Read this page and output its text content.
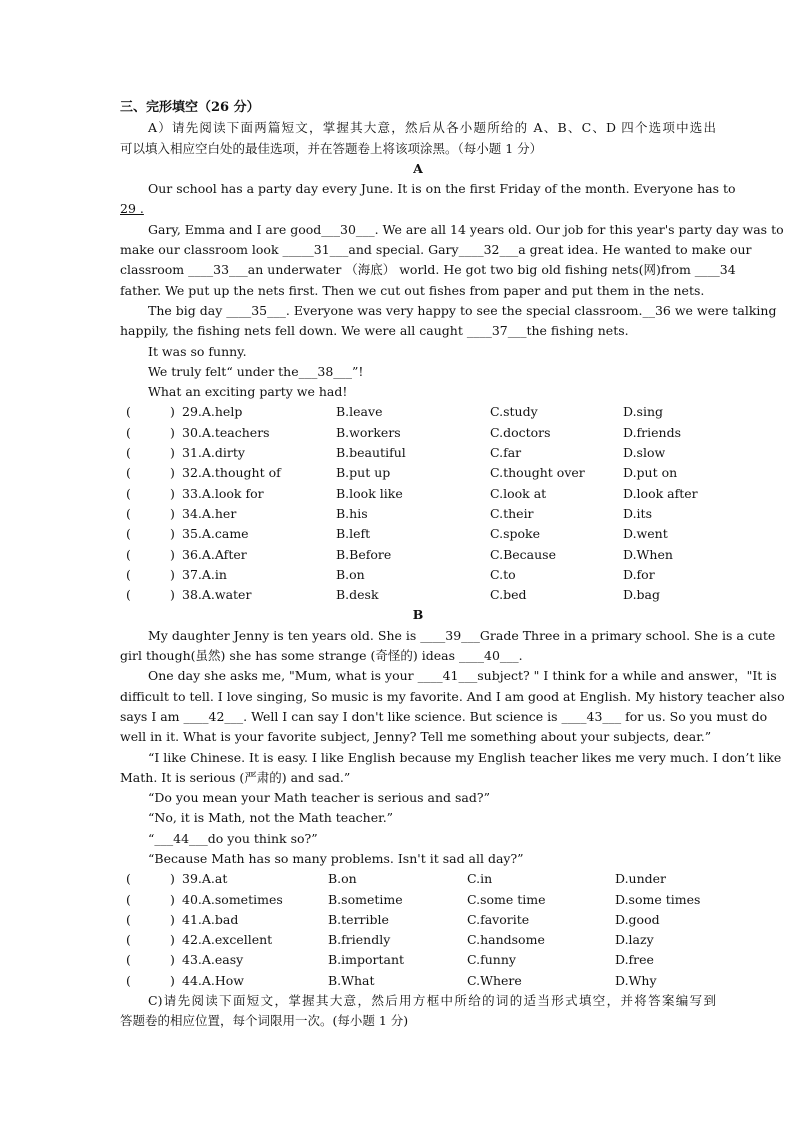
三、完形填空（26 分）
A）请先阅读下面两篇短文，掌握其大意，然后从各小题所给的 A、B、C、D 四个选项中选出
可以填入相应空白处的最佳选项，并在答题卷上将该项涂黑。（每小题 1 分）
A
Our school has a party day every June. It is on the first Friday of the month. Everyone has to
29 .
Gary, Emma and I are good___30___. We are all 14 years old. Our job for this year's party day was to
make our classroom look _____31___and special. Gary____32___a great idea. He wanted to make our
classroom ____33___an underwater （海底） world. He got two big old fishing nets(网)from ____34
father. We put up the nets first. Then we cut out fishes from paper and put them in the nets.
The big day ____35___. Everyone was very happy to see the special classroom.__36 we were talking
happily, the fishing nets fell down. We were all caught ____37___the fishing nets.
It was so funny.
We truly felt“ under the___38___”!
What an exciting party we had!
(	) 29.A.help	B.leave	C.study	D.sing
(	) 30.A.teachers	B.workers	C.doctors	D.friends
(	) 31.A.dirty	B.beautiful	C.far	D.slow
(	) 32.A.thought of	B.put up	C.thought over	D.put on
(	) 33.A.look for	B.look like	C.look at	D.look after
(	) 34.A.her	B.his	C.their	D.its
(	) 35.A.came	B.left	C.spoke	D.went
(	) 36.A.After	B.Before	C.Because	D.When
(	) 37.A.in	B.on	C.to	D.for
(	) 38.A.water	B.desk	C.bed	D.bag
B
My daughter Jenny is ten years old. She is ____39___Grade Three in a primary school. She is a cute
girl though(虽然) she has some strange (奇怪的) ideas ____40___.
One day she asks me, "Mum, what is your ____41___subject? " I think for a while and answer，"It is
difficult to tell. I love singing, So music is my favorite. And I am good at English. My history teacher also
says I am ____42___. Well I can say I don't like science. But science is ____43___ for us. So you must do
well in it. What is your favorite subject, Jenny? Tell me something about your subjects, dear.”
“I like Chinese. It is easy. I like English because my English teacher likes me very much. I don’t like
Math. It is serious (严肃的) and sad.”
“Do you mean your Math teacher is serious and sad?”
“No, it is Math, not the Math teacher.”
“___44___do you think so?”
“Because Math has so many problems. Isn't it sad all day?”
(	) 39.A.at	B.on	C.in	D.under
(	) 40.A.sometimes	B.sometime	C.some time	D.some times
(	) 41.A.bad	B.terrible	C.favorite	D.good
(	) 42.A.excellent	B.friendly	C.handsome	D.lazy
(	) 43.A.easy	B.important	C.funny	D.free
(	) 44.A.How	B.What	C.Where	D.Why
C)请先阅读下面短文，掌握其大意，然后用方框中所给的词的适当形式填空，并将答案编写到
答题卷的相应位置，每个词限用一次。(每小题 1 分)
